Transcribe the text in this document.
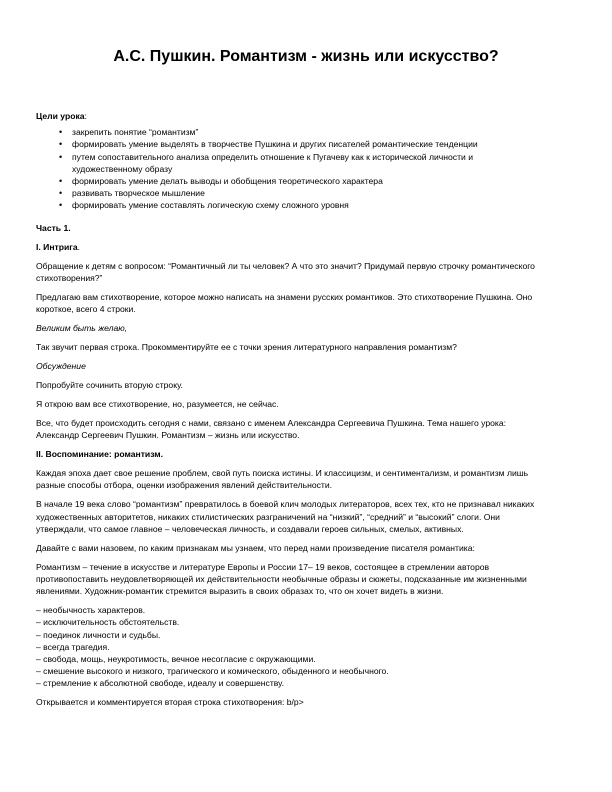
А.С. Пушкин. Романтизм - жизнь или искусство?

Цели урока:

• закрепить понятие “романтизм”
• формировать умение выделять в творчестве Пушкина и других писателей романтические тенденции
• путем сопоставительного анализа определить отношение к Пугачеву как к исторической личности и художественному образу
• формировать умение делать выводы и обобщения теоретического характера
• развивать творческое мышление
• формировать умение составлять логическую схему сложного уровня

Часть 1.

I. Интрига.

Обращение к детям с вопросом: “Романтичный ли ты человек? А что это значит? Придумай первую строчку романтического стихотворения?”

Предлагаю вам стихотворение, которое можно написать на знамени русских романтиков. Это стихотворение Пушкина. Оно короткое, всего 4 строки.

Великим быть желаю,

Так звучит первая строка. Прокомментируйте ее с точки зрения литературного направления романтизм?

Обсуждение

Попробуйте сочинить вторую строку.

Я открою вам все стихотворение, но, разумеется, не сейчас.

Все, что будет происходить сегодня с нами, связано с именем Александра Сергеевича Пушкина. Тема нашего урока: Александр Сергеевич Пушкин. Романтизм – жизнь или искусство.

II. Воспоминание: романтизм.

Каждая эпоха дает свое решение проблем, свой путь поиска истины. И классицизм, и сентиментализм, и романтизм лишь разные способы отбора, оценки изображения явлений действительности.

В начале 19 века слово “романтизм” превратилось в боевой клич молодых литераторов, всех тех, кто не признавал никаких художественных авторитетов, никаких стилистических разграничений на “низкий”, “средний” и “высокий” слоги. Они утверждали, что самое главное – человеческая личность, и создавали героев сильных, смелых, активных.

Давайте с вами назовем, по каким признакам мы узнаем, что перед нами произведение писателя романтика:

Романтизм – течение в искусстве и литературе Европы и России 17– 19 веков, состоящее в стремлении авторов противопоставить неудовлетворяющей их действительности необычные образы и сюжеты, подсказанные им жизненными явлениями. Художник-романтик стремится выразить в своих образах то, что он хочет видеть в жизни.

– необычность характеров.

– исключительность обстоятельств.

– поединок личности и судьбы.

– всегда трагедия.

– свобода, мощь, неукротимость, вечное несогласие с окружающими.

– смешение высокого и низкого, трагического и комического, обыденного и необычного.

– стремление к абсолютной свободе, идеалу и совершенству.

Открывается и комментируется вторая строка стихотворения: b/p>
